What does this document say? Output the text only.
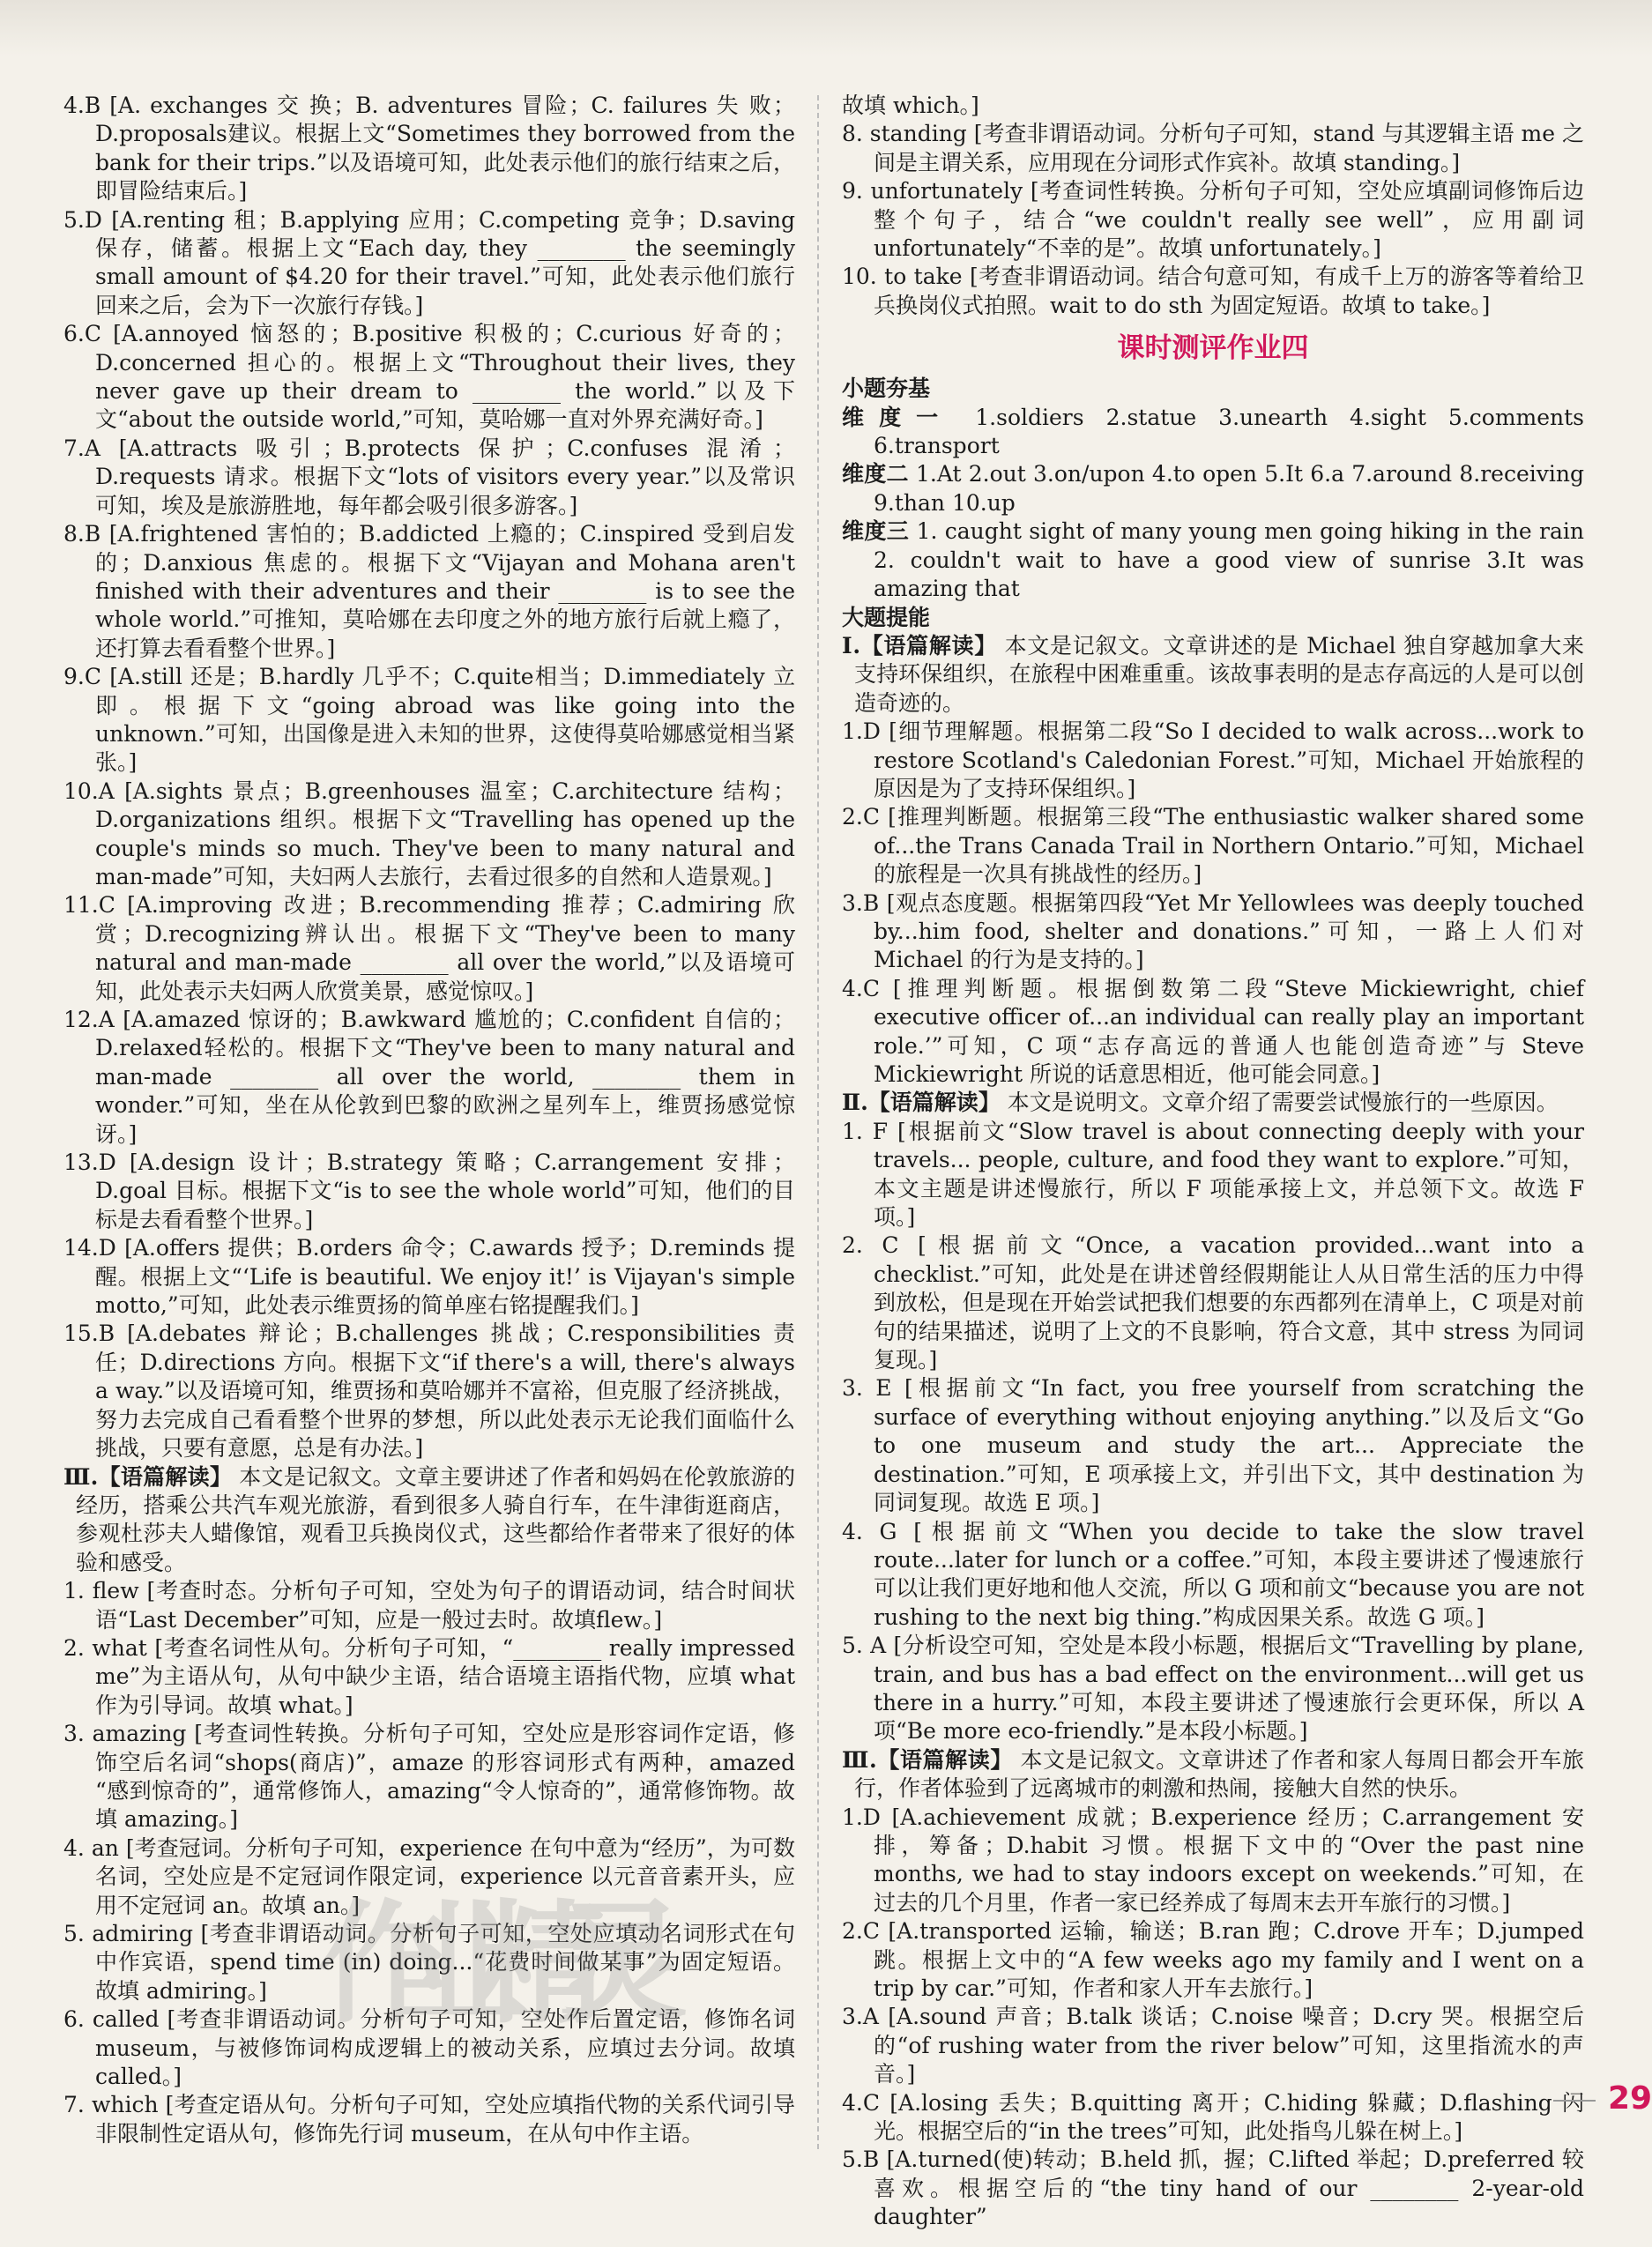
4.B [A. exchanges 交 换；B. adventures 冒险；C. failures 失 败；D.proposals建议。根据上文“Sometimes they borrowed from the bank for their trips.”以及语境可知，此处表示他们的旅行结束之后，即冒险结束后。]

5.D [A.renting 租；B.applying 应用；C.competing 竞争；D.saving 保存，储蓄。根据上文“Each day, they ________ the seemingly small amount of $4.20 for their travel.”可知，此处表示他们旅行回来之后，会为下一次旅行存钱。]

6.C [A.annoyed 恼怒的；B.positive 积极的；C.curious 好奇的；D.concerned 担心的。根据上文“Throughout their lives, they never gave up their dream to ________ the world.”以及下文“about the outside world,”可知，莫哈娜一直对外界充满好奇。]

7.A [A.attracts 吸引；B.protects 保护；C.confuses 混淆；D.requests 请求。根据下文“lots of visitors every year.”以及常识可知，埃及是旅游胜地，每年都会吸引很多游客。]

8.B [A.frightened 害怕的；B.addicted 上瘾的；C.inspired 受到启发的；D.anxious 焦虑的。根据下文“Vijayan and Mohana aren't finished with their adventures and their ________ is to see the whole world.”可推知，莫哈娜在去印度之外的地方旅行后就上瘾了，还打算去看看整个世界。]

9.C [A.still 还是；B.hardly 几乎不；C.quite相当；D.immediately 立即。根据下文“going abroad was like going into the unknown.”可知，出国像是进入未知的世界，这使得莫哈娜感觉相当紧张。]

10.A [A.sights 景点；B.greenhouses 温室；C.architecture 结构；D.organizations 组织。根据下文“Travelling has opened up the couple's minds so much. They've been to many natural and man-made”可知，夫妇两人去旅行，去看过很多的自然和人造景观。]

11.C [A.improving 改进；B.recommending 推荐；C.admiring 欣赏；D.recognizing辨认出。根据下文“They've been to many natural and man-made ________ all over the world,”以及语境可知，此处表示夫妇两人欣赏美景，感觉惊叹。]

12.A [A.amazed 惊讶的；B.awkward 尴尬的；C.confident 自信的；D.relaxed轻松的。根据下文“They've been to many natural and man-made ________ all over the world, ________ them in wonder.”可知，坐在从伦敦到巴黎的欧洲之星列车上，维贾扬感觉惊讶。]

13.D [A.design 设计；B.strategy 策略；C.arrangement 安排；D.goal 目标。根据下文“is to see the whole world”可知，他们的目标是去看看整个世界。]

14.D [A.offers 提供；B.orders 命令；C.awards 授予；D.reminds 提醒。根据上文“‘Life is beautiful. We enjoy it!’ is Vijayan's simple motto,”可知，此处表示维贾扬的简单座右铭提醒我们。]

15.B [A.debates 辩论；B.challenges 挑战；C.responsibilities 责任；D.directions 方向。根据下文“if there's a will, there's always a way.”以及语境可知，维贾扬和莫哈娜并不富裕，但克服了经济挑战，努力去完成自己看看整个世界的梦想，所以此处表示无论我们面临什么挑战，只要有意愿，总是有办法。]

Ⅲ.【语篇解读】 本文是记叙文。文章主要讲述了作者和妈妈在伦敦旅游的经历，搭乘公共汽车观光旅游，看到很多人骑自行车，在牛津街逛商店，参观杜莎夫人蜡像馆，观看卫兵换岗仪式，这些都给作者带来了很好的体验和感受。

1. flew [考查时态。分析句子可知，空处为句子的谓语动词，结合时间状语“Last December”可知，应是一般过去时。故填flew。]

2. what [考查名词性从句。分析句子可知，“________ really impressed me”为主语从句，从句中缺少主语，结合语境主语指代物，应填 what 作为引导词。故填 what。]

3. amazing [考查词性转换。分析句子可知，空处应是形容词作定语，修饰空后名词“shops(商店)”，amaze 的形容词形式有两种，amazed “感到惊奇的”，通常修饰人，amazing“令人惊奇的”，通常修饰物。故填 amazing。]

4. an [考查冠词。分析句子可知，experience 在句中意为“经历”，为可数名词，空处应是不定冠词作限定词，experience 以元音音素开头，应用不定冠词 an。故填 an。]

5. admiring [考查非谓语动词。分析句子可知，空处应填动名词形式在句中作宾语，spend time (in) doing...“花费时间做某事”为固定短语。故填 admiring。]

6. called [考查非谓语动词。分析句子可知，空处作后置定语，修饰名词 museum，与被修饰词构成逻辑上的被动关系，应填过去分词。故填 called。]

7. which [考查定语从句。分析句子可知，空处应填指代物的关系代词引导非限制性定语从句，修饰先行词 museum，在从句中作主语。

故填 which。]

8. standing [考查非谓语动词。分析句子可知，stand 与其逻辑主语 me 之间是主谓关系，应用现在分词形式作宾补。故填 standing。]

9. unfortunately [考查词性转换。分析句子可知，空处应填副词修饰后边整个句子，结合“we couldn't really see well”，应用副词 unfortunately“不幸的是”。故填 unfortunately。]

10. to take [考查非谓语动词。结合句意可知，有成千上万的游客等着给卫兵换岗仪式拍照。wait to do sth 为固定短语。故填 to take。]

课时测评作业四

小题夯基

维度一 1.soldiers 2.statue 3.unearth 4.sight 5.comments 6.transport

维度二 1.At 2.out 3.on/upon 4.to open 5.It 6.a 7.around 8.receiving 9.than 10.up

维度三 1. caught sight of many young men going hiking in the rain 2. couldn't wait to have a good view of sunrise 3.It was amazing that

大题提能

Ⅰ.【语篇解读】 本文是记叙文。文章讲述的是 Michael 独自穿越加拿大来支持环保组织，在旅程中困难重重。该故事表明的是志存高远的人是可以创造奇迹的。

1.D [细节理解题。根据第二段“So I decided to walk across...work to restore Scotland's Caledonian Forest.”可知，Michael 开始旅程的原因是为了支持环保组织。]

2.C [推理判断题。根据第三段“The enthusiastic walker shared some of...the Trans Canada Trail in Northern Ontario.”可知，Michael 的旅程是一次具有挑战性的经历。]

3.B [观点态度题。根据第四段“Yet Mr Yellowlees was deeply touched by...him food, shelter and donations.”可知，一路上人们对 Michael 的行为是支持的。]

4.C [推理判断题。根据倒数第二段“Steve Mickiewright, chief executive officer of...an individual can really play an important role.’”可知，C 项“志存高远的普通人也能创造奇迹”与 Steve Mickiewright 所说的话意思相近，他可能会同意。]

Ⅱ.【语篇解读】 本文是说明文。文章介绍了需要尝试慢旅行的一些原因。

1. F [根据前文“Slow travel is about connecting deeply with your travels... people, culture, and food they want to explore.”可知，本文主题是讲述慢旅行，所以 F 项能承接上文，并总领下文。故选 F 项。]

2. C [根据前文“Once, a vacation provided...want into a checklist.”可知，此处是在讲述曾经假期能让人从日常生活的压力中得到放松，但是现在开始尝试把我们想要的东西都列在清单上，C 项是对前句的结果描述，说明了上文的不良影响，符合文意，其中 stress 为同词复现。]

3. E [根据前文“In fact, you free yourself from scratching the surface of everything without enjoying anything.”以及后文“Go to one museum and study the art... Appreciate the destination.”可知，E 项承接上文，并引出下文，其中 destination 为同词复现。故选 E 项。]

4. G [根据前文“When you decide to take the slow travel route...later for lunch or a coffee.”可知，本段主要讲述了慢速旅行可以让我们更好地和他人交流，所以 G 项和前文“because you are not rushing to the next big thing.”构成因果关系。故选 G 项。]

5. A [分析设空可知，空处是本段小标题，根据后文“Travelling by plane, train, and bus has a bad effect on the environment...will get us there in a hurry.”可知，本段主要讲述了慢速旅行会更环保，所以 A 项“Be more eco-friendly.”是本段小标题。]

Ⅲ.【语篇解读】 本文是记叙文。文章讲述了作者和家人每周日都会开车旅行，作者体验到了远离城市的刺激和热闹，接触大自然的快乐。

1.D [A.achievement 成就；B.experience 经历；C.arrangement 安排，筹备；D.habit 习惯。根据下文中的“Over the past nine months, we had to stay indoors except on weekends.”可知，在过去的几个月里，作者一家已经养成了每周末去开车旅行的习惯。]

2.C [A.transported 运输，输送；B.ran 跑；C.drove 开车；D.jumped跳。根据上文中的“A few weeks ago my family and I went on a trip by car.”可知，作者和家人开车去旅行。]

3.A [A.sound 声音；B.talk 谈话；C.noise 噪音；D.cry 哭。根据空后的“of rushing water from the river below”可知，这里指流水的声音。]

4.C [A.losing 丢失；B.quitting 离开；C.hiding 躲藏；D.flashing 闪光。根据空后的“in the trees”可知，此处指鸟儿躲在树上。]

5.B [A.turned(使)转动；B.held 抓，握；C.lifted 举起；D.preferred 较喜欢。根据空后的“the tiny hand of our ________ 2-year-old daughter”

作业精灵
29
